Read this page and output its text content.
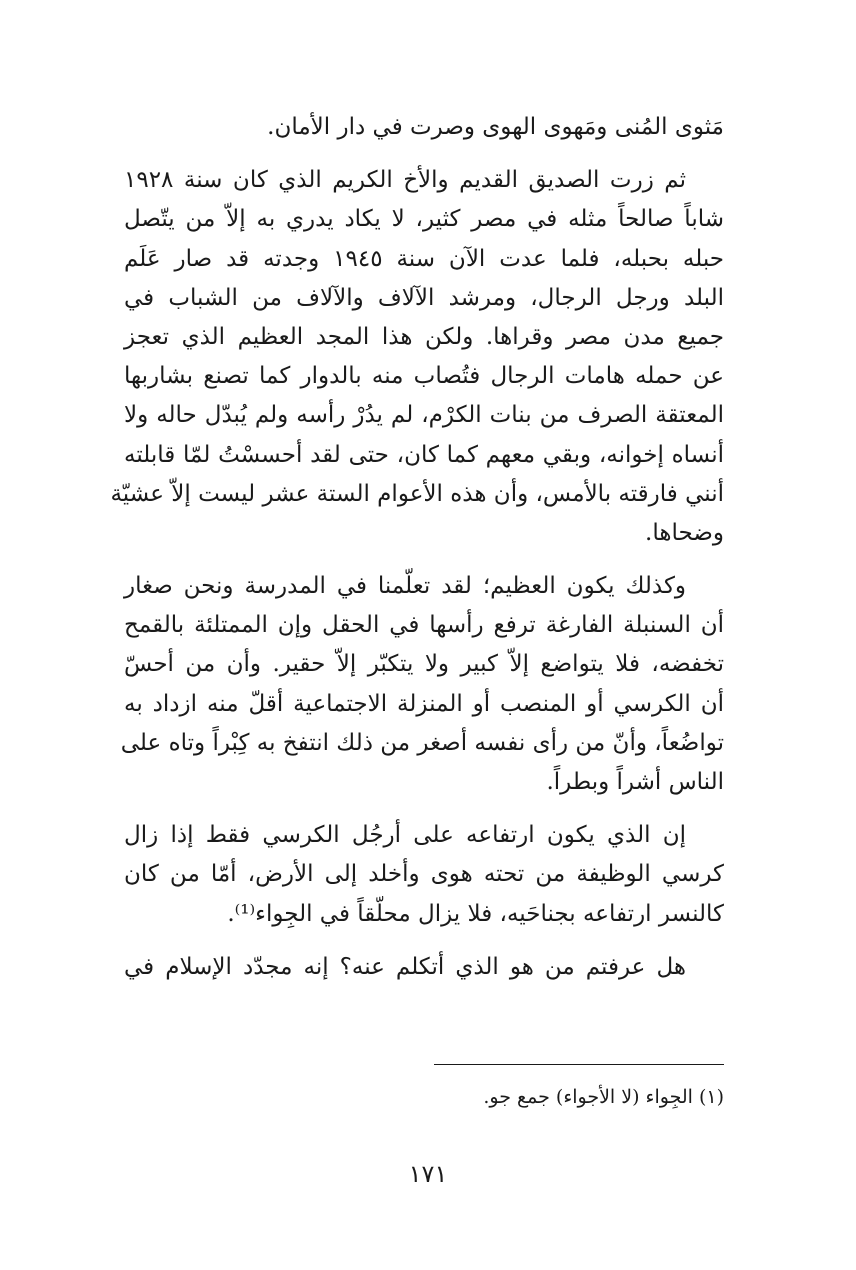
مَثوى المُنى ومَهوى الهوى وصرت في دار الأمان.
ثم زرت الصديق القديم والأخ الكريم الذي كان سنة ١٩٢٨
شاباً صالحاً مثله في مصر كثير، لا يكاد يدري به إلاّ من يتّصل
حبله بحبله، فلما عدت الآن سنة ١٩٤٥ وجدته قد صار عَلَم
البلد ورجل الرجال، ومرشد الآلاف والآلاف من الشباب في
جميع مدن مصر وقراها. ولكن هذا المجد العظيم الذي تعجز
عن حمله هامات الرجال فتُصاب منه بالدوار كما تصنع بشاربها
المعتقة الصرف من بنات الكرْم، لم يدُرْ رأسه ولم يُبدّل حاله ولا
أنساه إخوانه، وبقي معهم كما كان، حتى لقد أحسسْتُ لمّا قابلته
أنني فارقته بالأمس، وأن هذه الأعوام الستة عشر ليست إلاّ عشيّة
وضحاها.
وكذلك يكون العظيم؛ لقد تعلّمنا في المدرسة ونحن صغار
أن السنبلة الفارغة ترفع رأسها في الحقل وإن الممتلئة بالقمح
تخفضه، فلا يتواضع إلاّ كبير ولا يتكبّر إلاّ حقير. وأن من أحسّ
أن الكرسي أو المنصب أو المنزلة الاجتماعية أقلّ منه ازداد به
تواضُعاً، وأنّ من رأى نفسه أصغر من ذلك انتفخ به كِبْراً وتاه على
الناس أشراً وبطراً.
إن الذي يكون ارتفاعه على أرجُل الكرسي فقط إذا زال
كرسي الوظيفة من تحته هوى وأخلد إلى الأرض، أمّا من كان
كالنسر ارتفاعه بجناحَيه، فلا يزال محلّقاً في الجِواء⁽¹⁾.
هل عرفتم من هو الذي أتكلم عنه؟ إنه مجدّد الإسلام في
(١) الجِواء (لا الأجواء) جمع جو.
١٧١
